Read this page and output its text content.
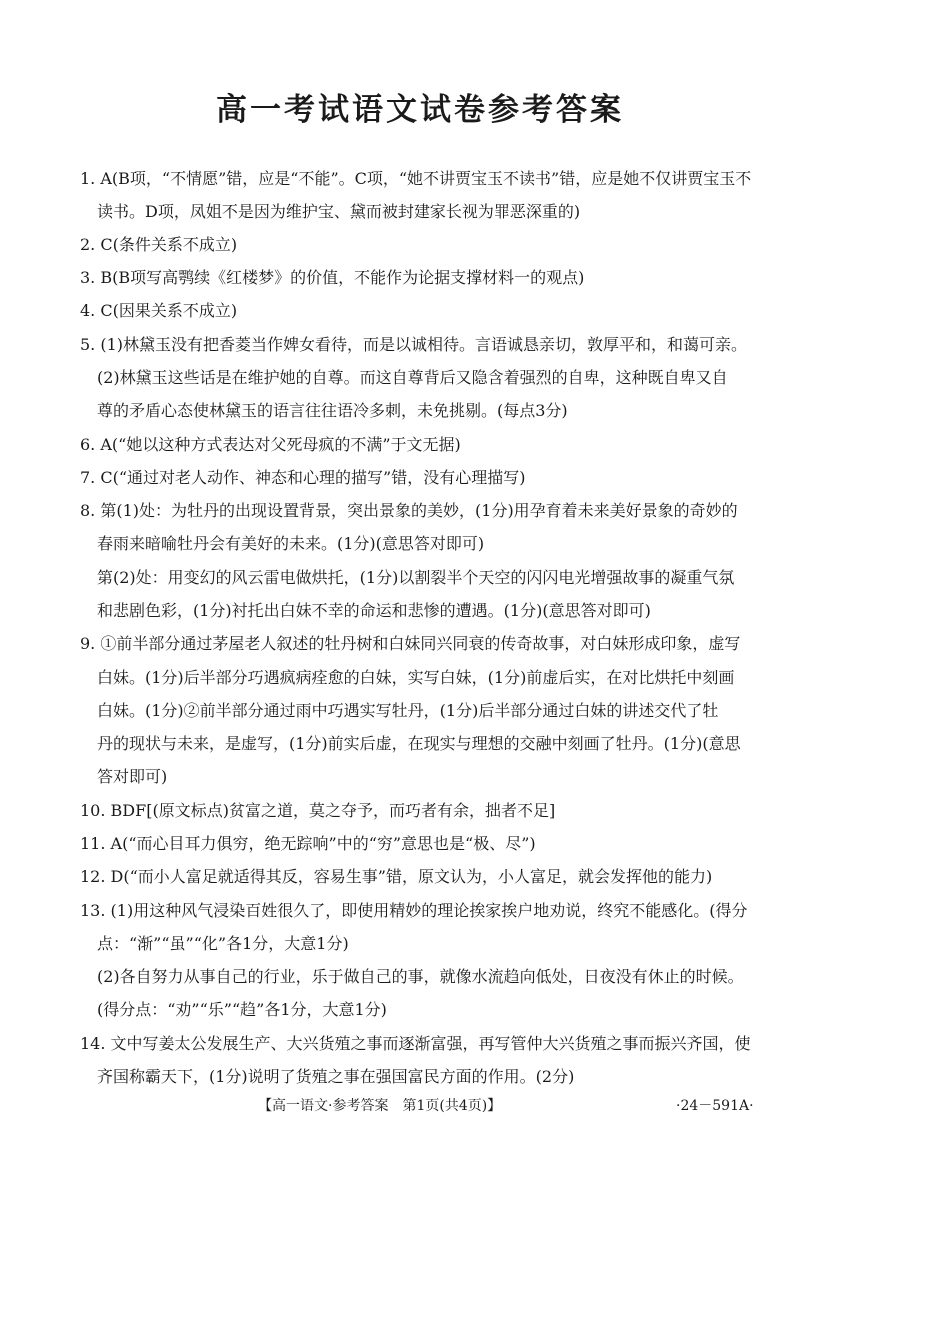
高一考试语文试卷参考答案
1. A(B项，“不情愿”错，应是“不能”。C项，“她不讲贾宝玉不读书”错，应是她不仅讲贾宝玉不
读书。D项，凤姐不是因为维护宝、黛而被封建家长视为罪恶深重的)
2. C(条件关系不成立)
3. B(B项写高鹗续《红楼梦》的价值，不能作为论据支撑材料一的观点)
4. C(因果关系不成立)
5. (1)林黛玉没有把香菱当作婢女看待，而是以诚相待。言语诚恳亲切，敦厚平和，和蔼可亲。
(2)林黛玉这些话是在维护她的自尊。而这自尊背后又隐含着强烈的自卑，这种既自卑又自
尊的矛盾心态使林黛玉的语言往往语冷多刺，未免挑剔。(每点3分)
6. A(“她以这种方式表达对父死母疯的不满”于文无据)
7. C(“通过对老人动作、神态和心理的描写”错，没有心理描写)
8. 第(1)处：为牡丹的出现设置背景，突出景象的美妙，(1分)用孕育着未来美好景象的奇妙的
春雨来暗喻牡丹会有美好的未来。(1分)(意思答对即可)
第(2)处：用变幻的风云雷电做烘托，(1分)以割裂半个天空的闪闪电光增强故事的凝重气氛
和悲剧色彩，(1分)衬托出白妹不幸的命运和悲惨的遭遇。(1分)(意思答对即可)
9. ①前半部分通过茅屋老人叙述的牡丹树和白妹同兴同衰的传奇故事，对白妹形成印象，虚写
白妹。(1分)后半部分巧遇疯病痊愈的白妹，实写白妹，(1分)前虚后实，在对比烘托中刻画
白妹。(1分)②前半部分通过雨中巧遇实写牡丹，(1分)后半部分通过白妹的讲述交代了牡
丹的现状与未来，是虚写，(1分)前实后虚，在现实与理想的交融中刻画了牡丹。(1分)(意思
答对即可)
10. BDF[(原文标点)贫富之道，莫之夺予，而巧者有余，拙者不足]
11. A(“而心目耳力俱穷，绝无踪响”中的“穷”意思也是“极、尽”)
12. D(“而小人富足就适得其反，容易生事”错，原文认为，小人富足，就会发挥他的能力)
13. (1)用这种风气浸染百姓很久了，即使用精妙的理论挨家挨户地劝说，终究不能感化。(得分
点：“渐”“虽”“化”各1分，大意1分)
(2)各自努力从事自己的行业，乐于做自己的事，就像水流趋向低处，日夜没有休止的时候。
(得分点：“劝”“乐”“趋”各1分，大意1分)
14. 文中写姜太公发展生产、大兴货殖之事而逐渐富强，再写管仲大兴货殖之事而振兴齐国，使
齐国称霸天下，(1分)说明了货殖之事在强国富民方面的作用。(2分)
【高一语文·参考答案　第1页(共4页)】	·24－591A·
